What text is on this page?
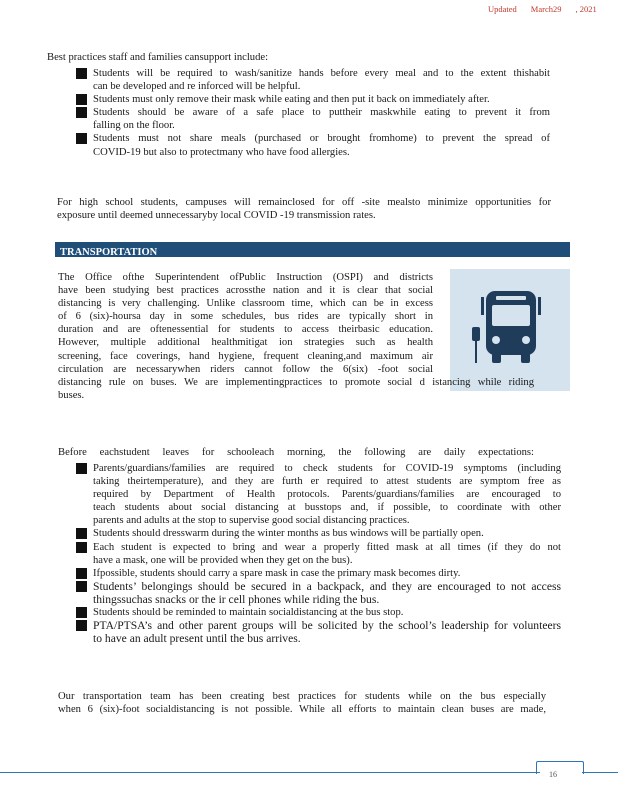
Updated March29 , 2021
Best practices staff and families cansupport include:
Students will be required to wash/sanitize hands before every meal and to the extent thishabit
can be developed and re inforced will be helpful.
Students must only remove their mask while eating and then put it back on immediately after.
Students should be aware of a safe place to puttheir maskwhile eating to prevent it from
falling on the floor.
Students must not share meals (purchased or brought fromhome) to prevent the spread of
COVID-19 but also to protectmany who have food allergies.
For high school students, campuses will remainclosed for off -site mealsto minimize opportunities for
exposure until deemed unnecessaryby local COVID -19 transmission rates.
TRANSPORTATION
The Office ofthe Superintendent ofPublic Instruction (OSPI) and districts
have been studying best practices acrossthe nation and it is clear that social
distancing is very challenging. Unlike classroom time, which can be in excess
of 6 (six)-hoursa day in some schedules, bus rides are typically short in
duration and are oftenessential for students to access theirbasic education.
However, multiple additional healthmitigat ion strategies such as health
screening, face coverings, hand hygiene, frequent cleaning,and maximum air
circulation are necessarywhen riders cannot follow the 6(six) -foot social
distancing rule on buses. We are implementingpractices to promote social d istancing while riding
buses.
Before eachstudent leaves for schooleach morning, the following are daily expectations:
Parents/guardians/families are required to check students for COVID-19 symptoms (including
taking theirtemperature), and they are furth er required to attest students are symptom free as
required by Department of Health protocols. Parents/guardians/families are encouraged to
teach students about social distancing at busstops and, if possible, to coordinate with other
parents and adults at the stop to supervise good social distancing practices.
Students should dresswarm during the winter months as bus windows will be partially open.
Each student is expected to bring and wear a properly fitted mask at all times (if they do not
have a mask, one will be provided when they get on the bus).
Ifpossible, students should carry a spare mask in case the primary mask becomes dirty.
Students’ belongings should be secured in a backpack, and they are encouraged to not access
thingssuchas snacks or the ir cell phones while riding the bus.
Students should be reminded to maintain socialdistancing at the bus stop.
PTA/PTSA’s and other parent groups will be solicited by the school’s leadership for volunteers
to have an adult present until the bus arrives.
Our transportation team has been creating best practices for students while on the bus especially
when 6 (six)-foot socialdistancing is not possible. While all efforts to maintain clean buses are made,
16
